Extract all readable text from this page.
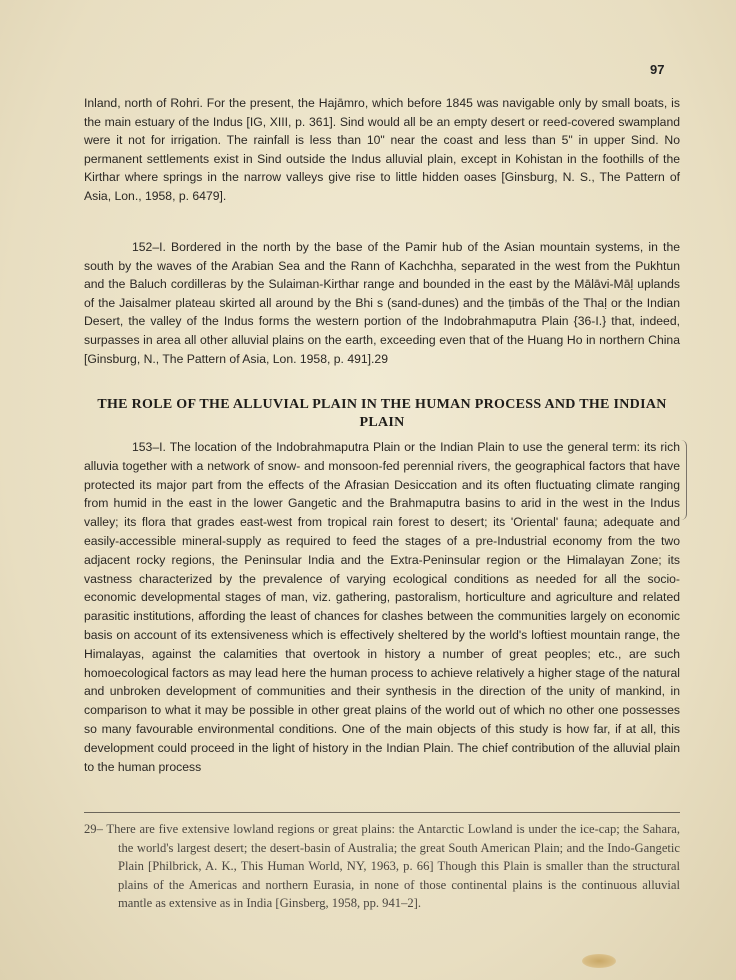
97

Inland, north of Rohri. For the present, the Hajāmro, which before 1845 was navigable only by small boats, is the main estuary of the Indus [IG, XIII, p. 361]. Sind would all be an empty desert or reed-covered swampland were it not for irrigation. The rainfall is less than 10" near the coast and less than 5" in upper Sind. No permanent settlements exist in Sind outside the Indus alluvial plain, except in Kohistan in the foothills of the Kirthar where springs in the narrow valleys give rise to little hidden oases [Ginsburg, N. S., The Pattern of Asia, Lon., 1958, p. 6479].

152–I. Bordered in the north by the base of the Pamir hub of the Asian mountain systems, in the south by the waves of the Arabian Sea and the Rann of Kachchha, separated in the west from the Pukhtun and the Baluch cordilleras by the Sulaiman-Kirthar range and bounded in the east by the Mālāvi-Māḷ uplands of the Jaisalmer plateau skirted all around by the Bhi s (sand-dunes) and the ṭimbās of the Thaḷ or the Indian Desert, the valley of the Indus forms the western portion of the Indobrahmaputra Plain {36-I.} that, indeed, surpasses in area all other alluvial plains on the earth, exceeding even that of the Huang Ho in northern China [Ginsburg, N., The Pattern of Asia, Lon. 1958, p. 491].29

THE ROLE OF THE ALLUVIAL PLAIN IN THE HUMAN PROCESS AND THE INDIAN PLAIN

153–I. The location of the Indobrahmaputra Plain or the Indian Plain to use the general term: its rich alluvia together with a network of snow- and monsoon-fed perennial rivers, the geographical factors that have protected its major part from the effects of the Afrasian Desiccation and its often fluctuating climate ranging from humid in the east in the lower Gangetic and the Brahmaputra basins to arid in the west in the Indus valley; its flora that grades east-west from tropical rain forest to desert; its 'Oriental' fauna; adequate and easily-accessible mineral-supply as required to feed the stages of a pre-Industrial economy from the two adjacent rocky regions, the Peninsular India and the Extra-Peninsular region or the Himalayan Zone; its vastness characterized by the prevalence of varying ecological conditions as needed for all the socio-economic developmental stages of man, viz. gathering, pastoralism, horticulture and agriculture and related parasitic institutions, affording the least of chances for clashes between the communities largely on economic basis on account of its extensiveness which is effectively sheltered by the world's loftiest mountain range, the Himalayas, against the calamities that overtook in history a number of great peoples; etc., are such homoecological factors as may lead here the human process to achieve relatively a higher stage of the natural and unbroken development of communities and their synthesis in the direction of the unity of mankind, in comparison to what it may be possible in other great plains of the world out of which no other one possesses so many favourable environmental conditions. One of the main objects of this study is how far, if at all, this development could proceed in the light of history in the Indian Plain. The chief contribution of the alluvial plain to the human process

29– There are five extensive lowland regions or great plains: the Antarctic Lowland is under the ice-cap; the Sahara, the world's largest desert; the desert-basin of Australia; the great South American Plain; and the Indo-Gangetic Plain [Philbrick, A. K., This Human World, NY, 1963, p. 66] Though this Plain is smaller than the structural plains of the Americas and northern Eurasia, in none of those continental plains is the continuous alluvial mantle as extensive as in India [Ginsberg, 1958, pp. 941–2].
